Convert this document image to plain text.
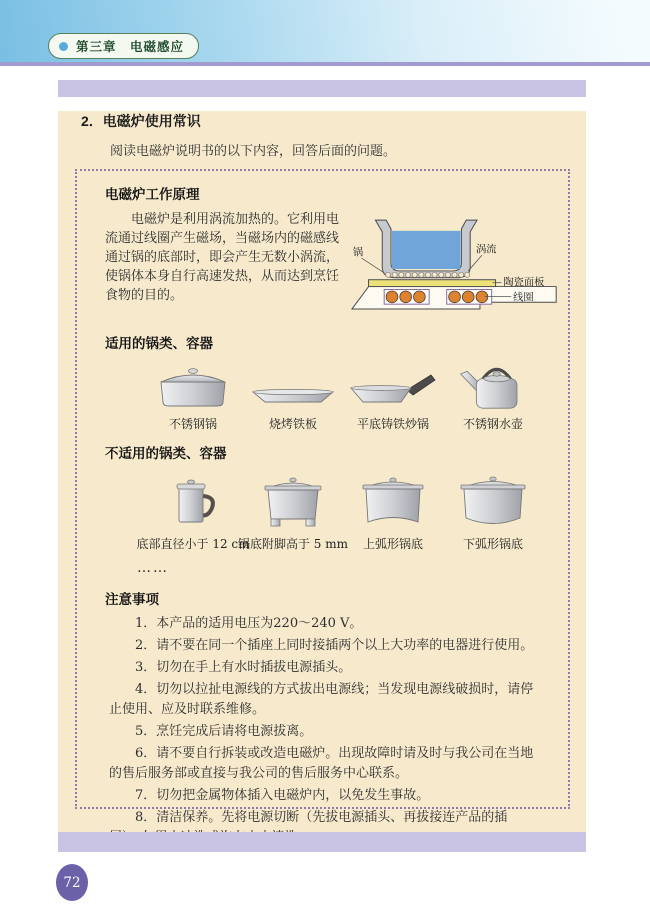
第三章　电磁感应
2．电磁炉使用常识

阅读电磁炉说明书的以下内容，回答后面的问题。

电磁炉工作原理

电磁炉是利用涡流加热的。它利用电流通过线圈产生磁场，当磁场内的磁感线通过锅的底部时，即会产生无数小涡流，使锅体本身自行高速发热，从而达到烹饪食物的目的。

锅	涡流
陶瓷面板
线圈
适用的锅类、容器
不锈钢锅	烧烤铁板	平底铸铁炒锅	不锈钢水壶
不适用的锅类、容器
底部直径小于 12 cm
锅底附脚高于 5 mm 上弧形锅底	下弧形锅底

……

注意事项

1．本产品的适用电压为220～240 V。

2．请不要在同一个插座上同时接插两个以上大功率的电器进行使用。

3．切勿在手上有水时插拔电源插头。

4．切勿以拉扯电源线的方式拔出电源线；当发现电源线破损时，请停止使用、应及时联系维修。

5．烹饪完成后请将电源拔离。

6．请不要自行拆装或改造电磁炉。出现故障时请及时与我公司在当地的售后服务部或直接与我公司的售后服务中心联系。

7．切勿把金属物体插入电磁炉内，以免发生事故。

8．清洁保养。先将电源切断（先拔电源插头、再拔接连产品的插

72
